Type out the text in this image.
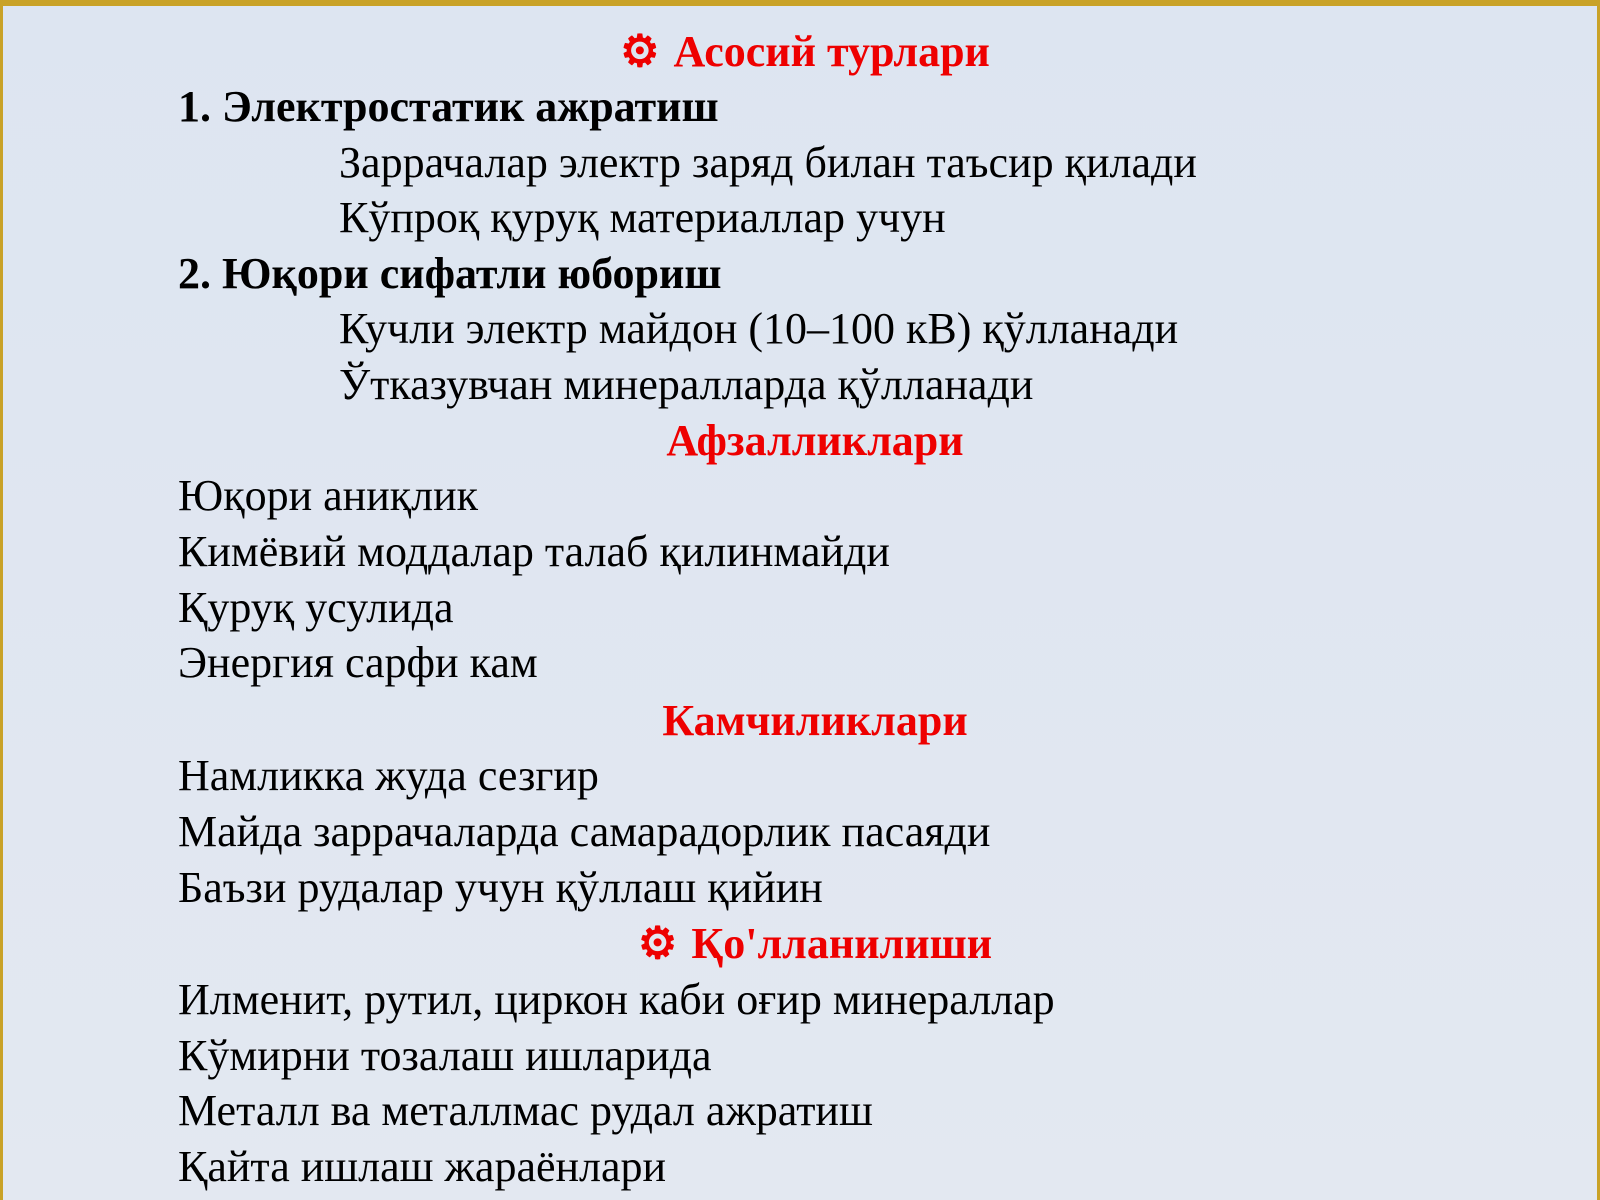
⚙ Асосий турлари
1. Электростатик ажратиш
Заррачалар электр заряд билан таъсир қилади
Кўпроқ қуруқ материаллар учун
2. Юқори сифатли юбориш
Кучли электр майдон (10–100 кВ) қўлланади
Ўтказувчан минералларда қўлланади
Афзалликлари
Юқори аниқлик
Кимёвий моддалар талаб қилинмайди
Қуруқ усулида
Энергия сарфи кам
Камчиликлари
Намликка жуда сезгир
Майда заррачаларда самарадорлик пасаяди
Баъзи рудалар учун қўллаш қийин
⚙ Қо'лланилиши
Илменит, рутил, циркон каби оғир минераллар
Кўмирни тозалаш ишларида
Металл ва металлмас рудал ажратиш
Қайта ишлаш жараёнлари
